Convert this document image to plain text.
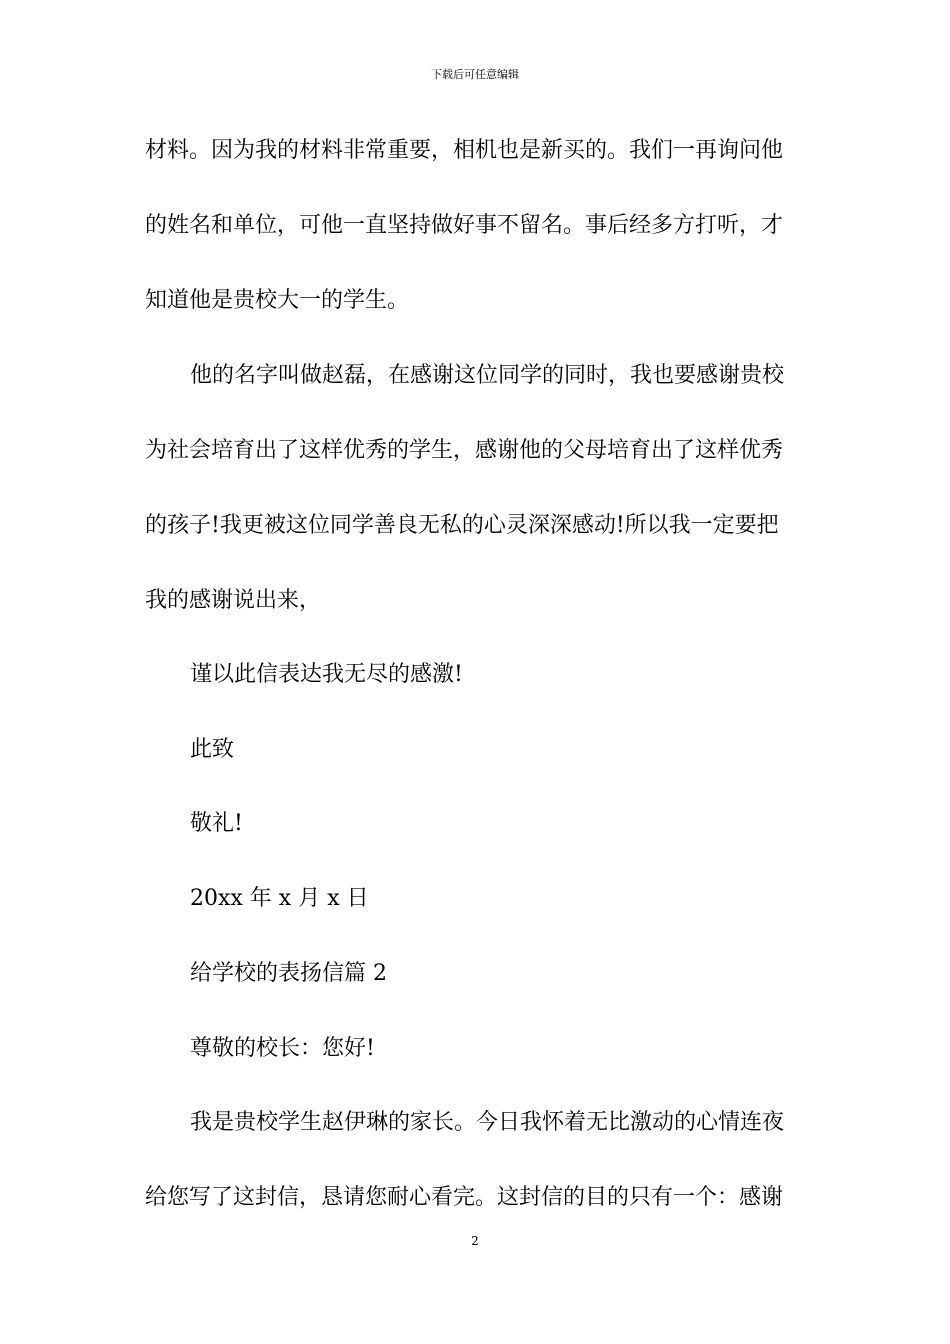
下载后可任意编辑
材料。因为我的材料非常重要，相机也是新买的。我们一再询问他
的姓名和单位，可他一直坚持做好事不留名。事后经多方打听，才
知道他是贵校大一的学生。
他的名字叫做赵磊，在感谢这位同学的同时，我也要感谢贵校
为社会培育出了这样优秀的学生，感谢他的父母培育出了这样优秀
的孩子!我更被这位同学善良无私的心灵深深感动!所以我一定要把
我的感谢说出来，
谨以此信表达我无尽的感激!
此致
敬礼!
20xx 年 x 月 x 日
给学校的表扬信篇 2
尊敬的校长：您好!
我是贵校学生赵伊琳的家长。今日我怀着无比激动的心情连夜
给您写了这封信，恳请您耐心看完。这封信的目的只有一个：感谢
2
